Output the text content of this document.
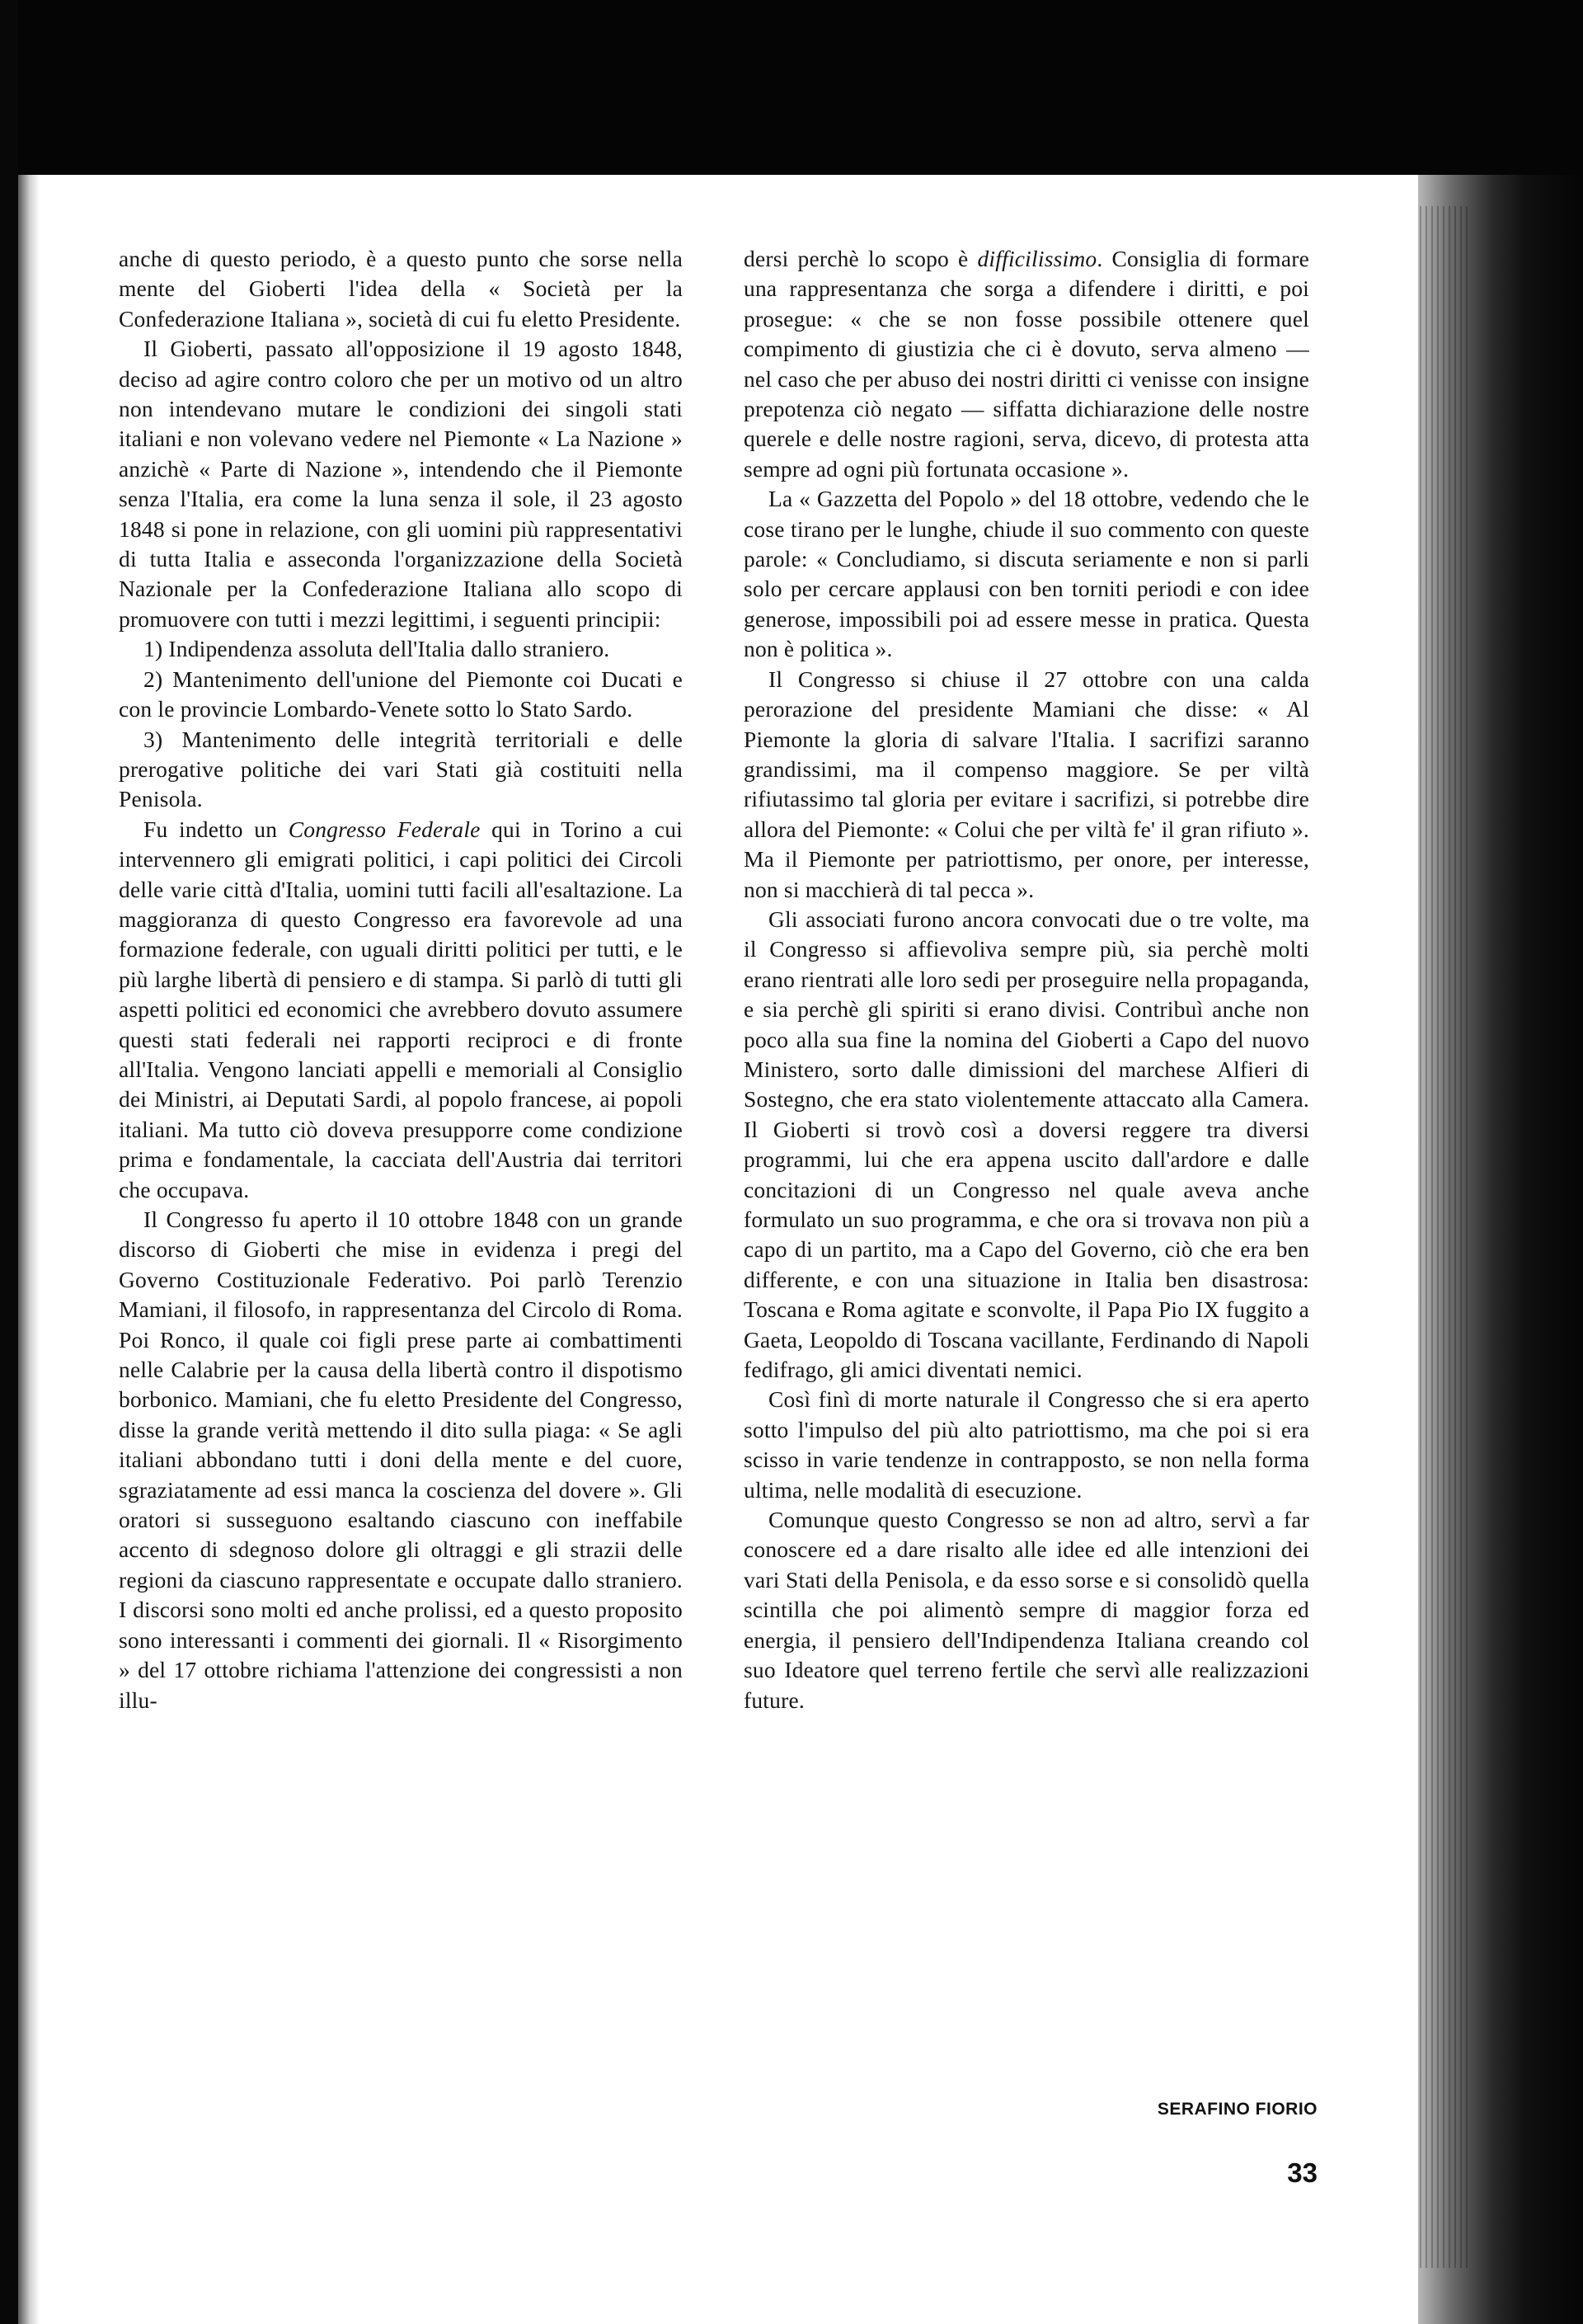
anche di questo periodo, è a questo punto che sorse nella mente del Gioberti l'idea della « Società per la Confederazione Italiana », società di cui fu eletto Presidente.

Il Gioberti, passato all'opposizione il 19 agosto 1848, deciso ad agire contro coloro che per un motivo od un altro non intendevano mutare le condizioni dei singoli stati italiani e non volevano vedere nel Piemonte « La Nazione » anzichè « Parte di Nazione », intendendo che il Piemonte senza l'Italia, era come la luna senza il sole, il 23 agosto 1848 si pone in relazione, con gli uomini più rappresentativi di tutta Italia e asseconda l'organizzazione della Società Nazionale per la Confederazione Italiana allo scopo di promuovere con tutti i mezzi legittimi, i seguenti principii:

1) Indipendenza assoluta dell'Italia dallo straniero.

2) Mantenimento dell'unione del Piemonte coi Ducati e con le provincie Lombardo-Venete sotto lo Stato Sardo.

3) Mantenimento delle integrità territoriali e delle prerogative politiche dei vari Stati già costituiti nella Penisola.

Fu indetto un Congresso Federale qui in Torino a cui intervennero gli emigrati politici, i capi politici dei Circoli delle varie città d'Italia, uomini tutti facili all'esaltazione. La maggioranza di questo Congresso era favorevole ad una formazione federale, con uguali diritti politici per tutti, e le più larghe libertà di pensiero e di stampa. Si parlò di tutti gli aspetti politici ed economici che avrebbero dovuto assumere questi stati federali nei rapporti reciproci e di fronte all'Italia. Vengono lanciati appelli e memoriali al Consiglio dei Ministri, ai Deputati Sardi, al popolo francese, ai popoli italiani. Ma tutto ciò doveva presupporre come condizione prima e fondamentale, la cacciata dell'Austria dai territori che occupava.

Il Congresso fu aperto il 10 ottobre 1848 con un grande discorso di Gioberti che mise in evidenza i pregi del Governo Costituzionale Federativo. Poi parlò Terenzio Mamiani, il filosofo, in rappresentanza del Circolo di Roma. Poi Ronco, il quale coi figli prese parte ai combattimenti nelle Calabrie per la causa della libertà contro il dispotismo borbonico. Mamiani, che fu eletto Presidente del Congresso, disse la grande verità mettendo il dito sulla piaga: « Se agli italiani abbondano tutti i doni della mente e del cuore, sgraziatamente ad essi manca la coscienza del dovere ». Gli oratori si susseguono esaltando ciascuno con ineffabile accento di sdegnoso dolore gli oltraggi e gli strazii delle regioni da ciascuno rappresentate e occupate dallo straniero. I discorsi sono molti ed anche prolissi, ed a questo proposito sono interessanti i commenti dei giornali. Il « Risorgimento » del 17 ottobre richiama l'attenzione dei congressisti a non illu-

dersi perchè lo scopo è difficilissimo. Consiglia di formare una rappresentanza che sorga a difendere i diritti, e poi prosegue: « che se non fosse possibile ottenere quel compimento di giustizia che ci è dovuto, serva almeno — nel caso che per abuso dei nostri diritti ci venisse con insigne prepotenza ciò negato — siffatta dichiarazione delle nostre querele e delle nostre ragioni, serva, dicevo, di protesta atta sempre ad ogni più fortunata occasione ».

La « Gazzetta del Popolo » del 18 ottobre, vedendo che le cose tirano per le lunghe, chiude il suo commento con queste parole: « Concludiamo, si discuta seriamente e non si parli solo per cercare applausi con ben torniti periodi e con idee generose, impossibili poi ad essere messe in pratica. Questa non è politica ».

Il Congresso si chiuse il 27 ottobre con una calda perorazione del presidente Mamiani che disse: « Al Piemonte la gloria di salvare l'Italia. I sacrifizi saranno grandissimi, ma il compenso maggiore. Se per viltà rifiutassimo tal gloria per evitare i sacrifizi, si potrebbe dire allora del Piemonte: « Colui che per viltà fe' il gran rifiuto ». Ma il Piemonte per patriottismo, per onore, per interesse, non si macchierà di tal pecca ».

Gli associati furono ancora convocati due o tre volte, ma il Congresso si affievoliva sempre più, sia perchè molti erano rientrati alle loro sedi per proseguire nella propaganda, e sia perchè gli spiriti si erano divisi. Contribuì anche non poco alla sua fine la nomina del Gioberti a Capo del nuovo Ministero, sorto dalle dimissioni del marchese Alfieri di Sostegno, che era stato violentemente attaccato alla Camera. Il Gioberti si trovò così a doversi reggere tra diversi programmi, lui che era appena uscito dall'ardore e dalle concitazioni di un Congresso nel quale aveva anche formulato un suo programma, e che ora si trovava non più a capo di un partito, ma a Capo del Governo, ciò che era ben differente, e con una situazione in Italia ben disastrosa: Toscana e Roma agitate e sconvolte, il Papa Pio IX fuggito a Gaeta, Leopoldo di Toscana vacillante, Ferdinando di Napoli fedifrago, gli amici diventati nemici.

Così finì di morte naturale il Congresso che si era aperto sotto l'impulso del più alto patriottismo, ma che poi si era scisso in varie tendenze in contrapposto, se non nella forma ultima, nelle modalità di esecuzione.

Comunque questo Congresso se non ad altro, servì a far conoscere ed a dare risalto alle idee ed alle intenzioni dei vari Stati della Penisola, e da esso sorse e si consolidò quella scintilla che poi alimentò sempre di maggior forza ed energia, il pensiero dell'Indipendenza Italiana creando col suo Ideatore quel terreno fertile che servì alle realizzazioni future.

SERAFINO FIORIO
33
